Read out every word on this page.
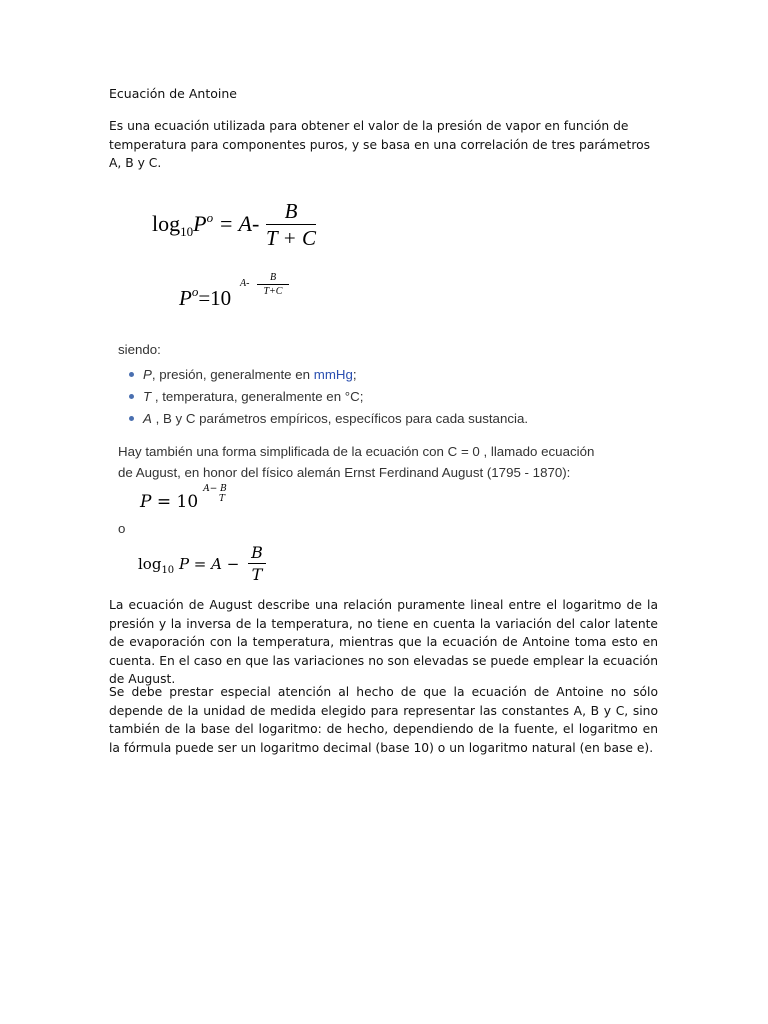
Ecuación de Antoine
Es una ecuación utilizada para obtener el valor de la presión de vapor en función de temperatura para componentes puros, y se basa en una correlación de tres parámetros A, B y C.
$\log_{10}P^o = A-$	B
T + C
$P^o=10$
A-
B
T+C
siendo:
P, presión, generalmente en mmHg;
T , temperatura, generalmente en °C;
A , B y C parámetros empíricos, específicos para cada sustancia.
Hay también una forma simplificada de la ecuación con C = 0 , llamado ecuación
de August, en honor del físico alemán Ernst Ferdinand August (1795 - 1870):
P = 10
A− B
T
o
$\log_{10} P = A$ −
B
T
La ecuación de August describe una relación puramente lineal entre el logaritmo de la presión y la inversa de la temperatura, no tiene en cuenta la variación del calor latente de evaporación con la temperatura, mientras que la ecuación de Antoine toma esto en cuenta. En el caso en que las variaciones no son elevadas se puede emplear la ecuación de August.
Se debe prestar especial atención al hecho de que la ecuación de Antoine no sólo depende de la unidad de medida elegido para representar las constantes A, B y C, sino también de la base del logaritmo: de hecho, dependiendo de la fuente, el logaritmo en la fórmula puede ser un logaritmo decimal (base 10) o un logaritmo natural (en base e).
